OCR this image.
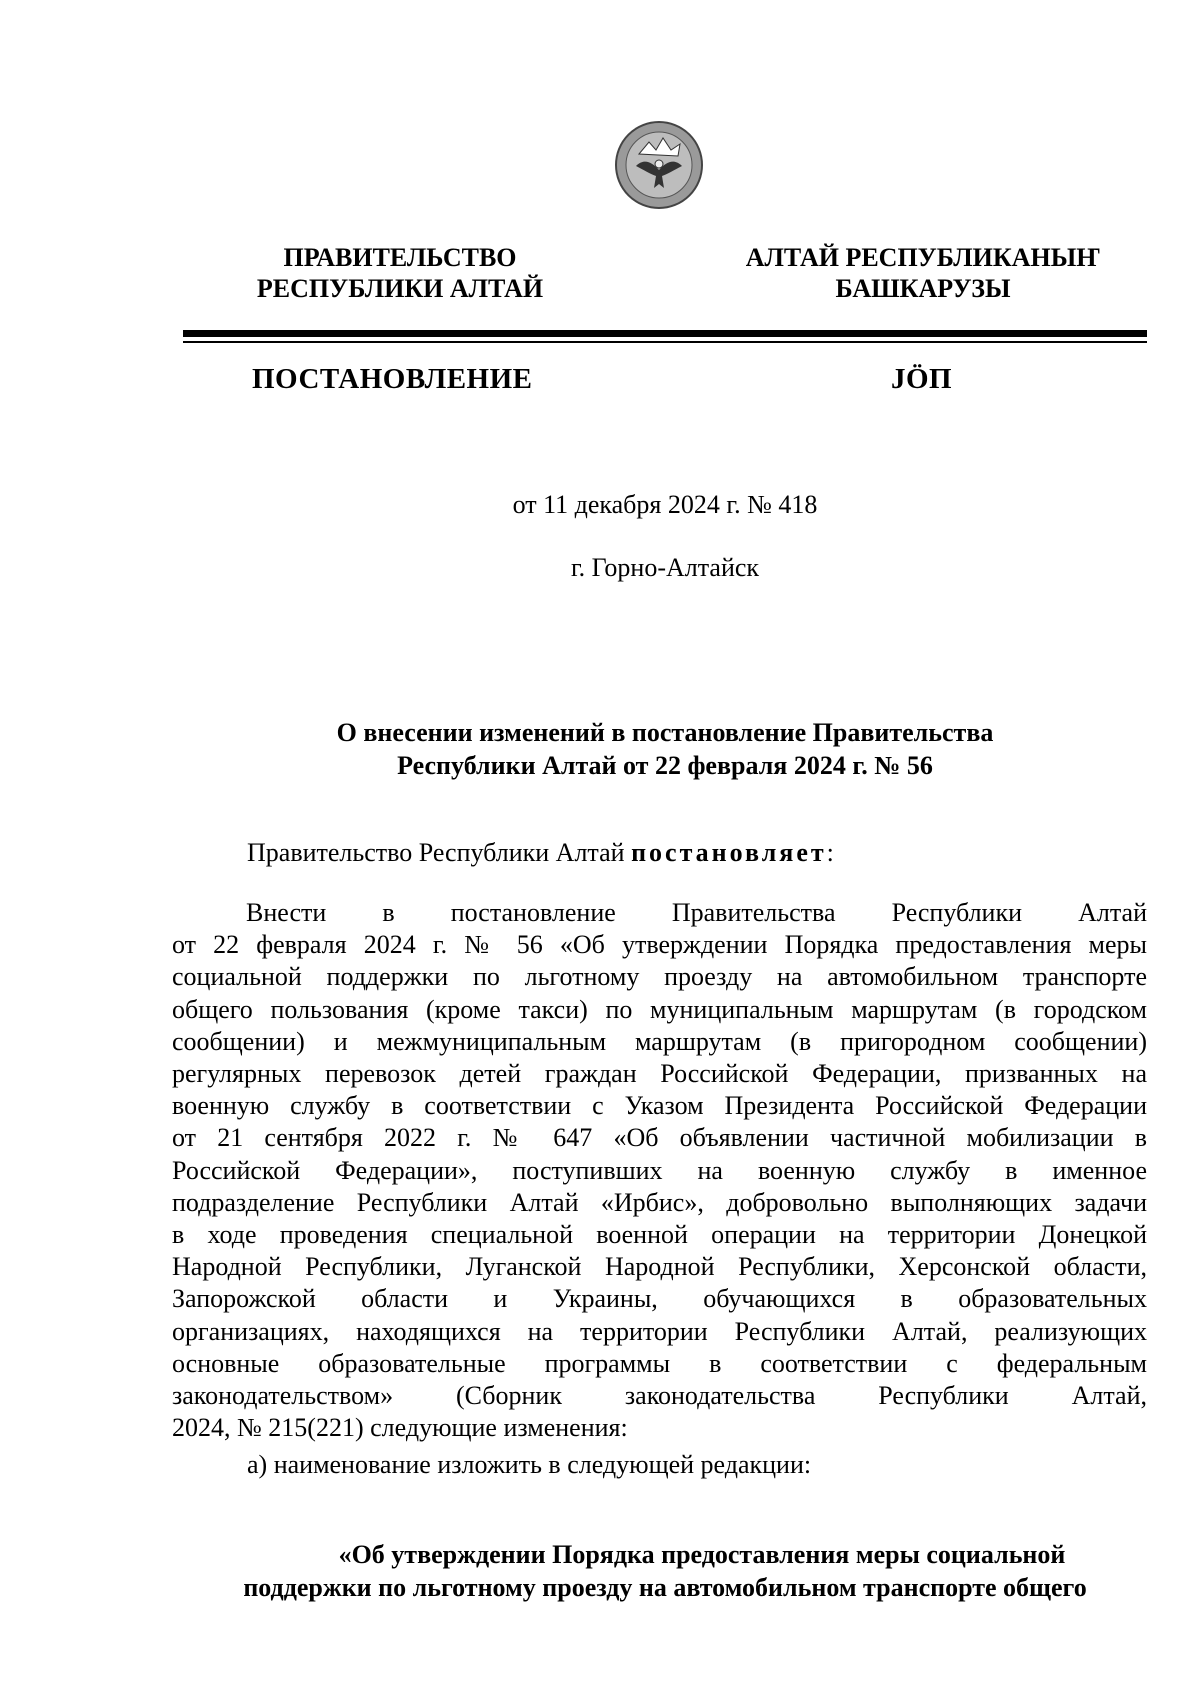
ПРАВИТЕЛЬСТВО
РЕСПУБЛИКИ АЛТАЙ
АЛТАЙ РЕСПУБЛИКАНЫҤ
БАШКАРУЗЫ
ПОСТАНОВЛЕНИЕ	JӦП
от 11 декабря 2024 г. № 418
г. Горно-Алтайск
О внесении изменений в постановление Правительства
Республики Алтай от 22 февраля 2024 г. № 56
Правительство Республики Алтай постановляет:
Внести в постановление Правительства Республики Алтай
от 22 февраля 2024 г. № 56 «Об утверждении Порядка предоставления меры
социальной поддержки по льготному проезду на автомобильном транспорте
общего пользования (кроме такси) по муниципальным маршрутам (в городском
сообщении) и межмуниципальным маршрутам (в пригородном сообщении)
регулярных перевозок детей граждан Российской Федерации, призванных на
военную службу в соответствии с Указом Президента Российской Федерации
от 21 сентября 2022 г. № 647 «Об объявлении частичной мобилизации в
Российской Федерации», поступивших на военную службу в именное
подразделение Республики Алтай «Ирбис», добровольно выполняющих задачи
в ходе проведения специальной военной операции на территории Донецкой
Народной Республики, Луганской Народной Республики, Херсонской области,
Запорожской области и Украины, обучающихся в образовательных
организациях, находящихся на территории Республики Алтай, реализующих
основные образовательные программы в соответствии с федеральным
законодательством» (Сборник законодательства Республики Алтай,
2024, № 215(221) следующие изменения:
а) наименование изложить в следующей редакции:
«Об утверждении Порядка предоставления меры социальной
поддержки по льготному проезду на автомобильном транспорте общего
